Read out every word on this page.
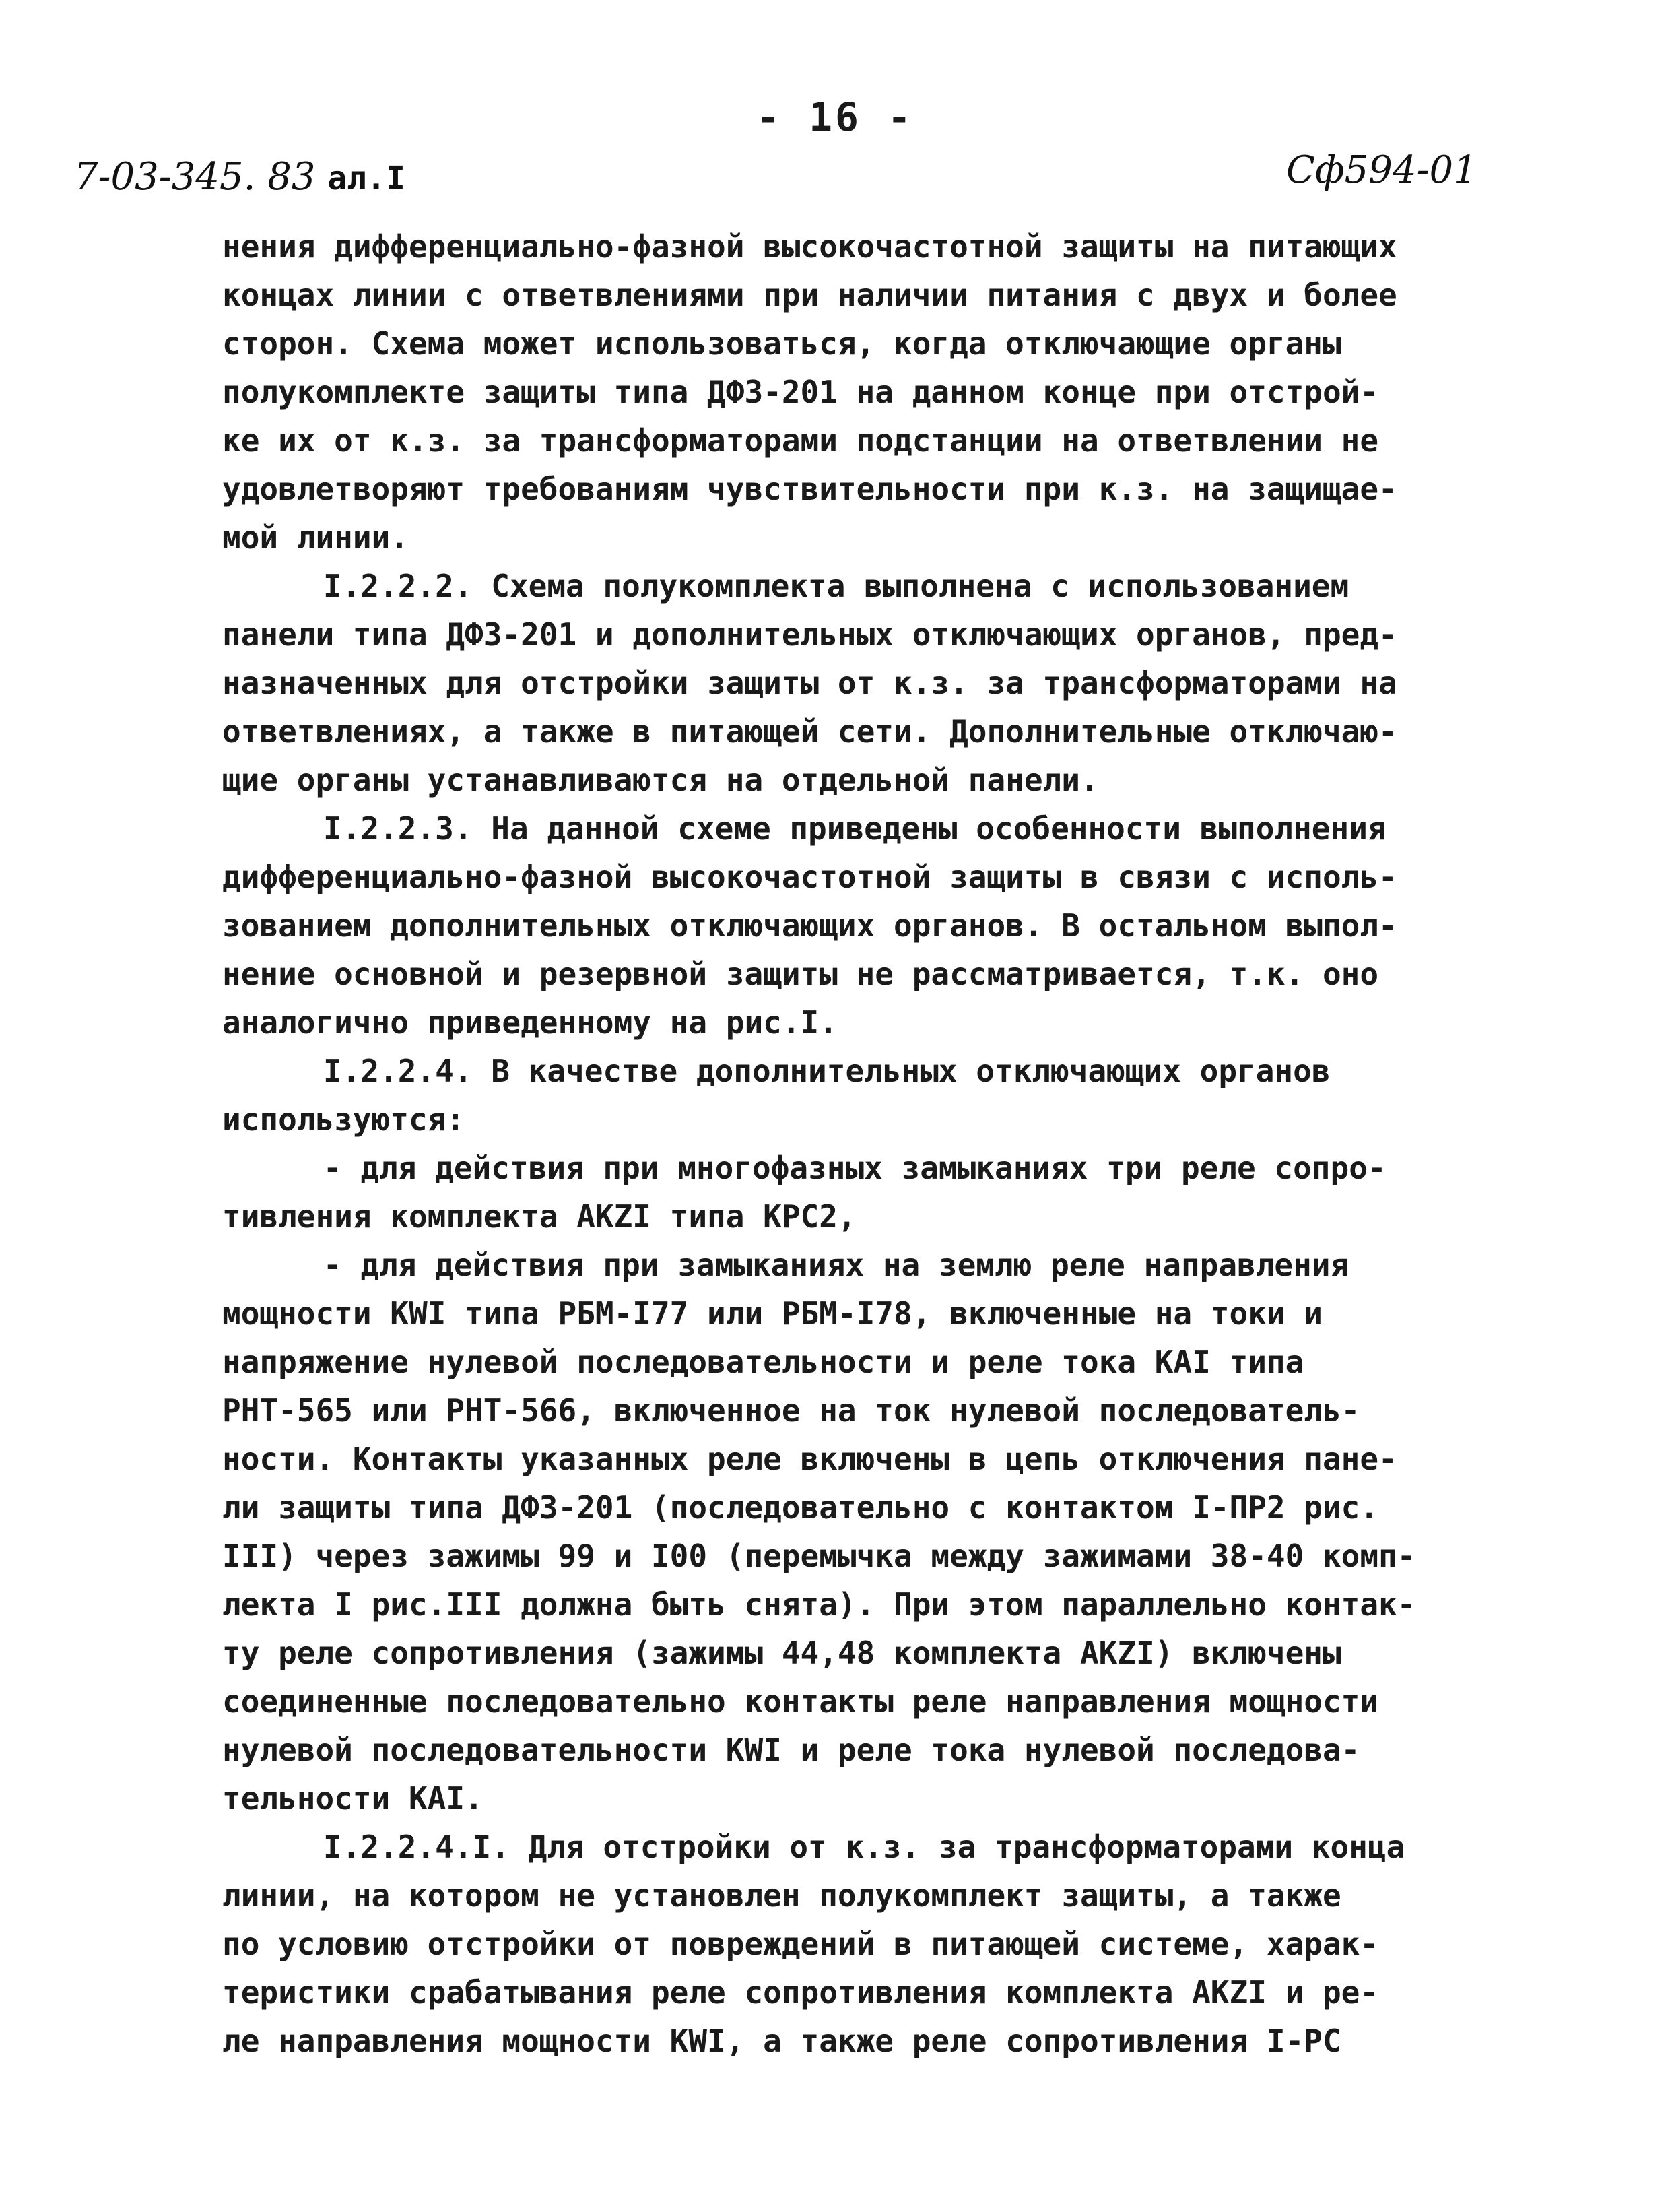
- 16 -
7-03-345. 83 ал.I	Сф594-01
нения дифференциально-фазной высокочастотной защиты на питающих
концах линии с ответвлениями при наличии питания с двух и более
сторон. Схема может использоваться, когда отключающие органы
полукомплекте защиты типа ДФЗ-201 на данном конце при отстрой-
ке их от к.з. за трансформаторами подстанции на ответвлении не
удовлетворяют требованиям чувствительности при к.з. на защищае-
мой линии.
I.2.2.2. Схема полукомплекта выполнена с использованием
панели типа ДФЗ-201 и дополнительных отключающих органов, пред-
назначенных для отстройки защиты от к.з. за трансформаторами на
ответвлениях, а также в питающей сети. Дополнительные отключаю-
щие органы устанавливаются на отдельной панели.
I.2.2.3. На данной схеме приведены особенности выполнения
дифференциально-фазной высокочастотной защиты в связи с исполь-
зованием дополнительных отключающих органов. В остальном выпол-
нение основной и резервной защиты не рассматривается, т.к. оно
аналогично приведенному на рис.I.
I.2.2.4. В качестве дополнительных отключающих органов
используются:
- для действия при многофазных замыканиях три реле сопро-
тивления комплекта AKZI типа КРС2,
- для действия при замыканиях на землю реле направления
мощности KWI типа РБМ-I77 или РБМ-I78, включенные на токи и
напряжение нулевой последовательности и реле тока KAI типа
РНТ-565 или РНТ-566, включенное на ток нулевой последователь-
ности. Контакты указанных реле включены в цепь отключения пане-
ли защиты типа ДФЗ-201 (последовательно с контактом I-ПР2 рис.
III) через зажимы 99 и I00 (перемычка между зажимами 38-40 комп-
лекта I рис.III должна быть снята). При этом параллельно контак-
ту реле сопротивления (зажимы 44,48 комплекта AKZI) включены
соединенные последовательно контакты реле направления мощности
нулевой последовательности KWI и реле тока нулевой последова-
тельности KAI.
I.2.2.4.I. Для отстройки от к.з. за трансформаторами конца
линии, на котором не установлен полукомплект защиты, а также
по условию отстройки от повреждений в питающей системе, харак-
теристики срабатывания реле сопротивления комплекта AKZI и ре-
ле направления мощности KWI, а также реле сопротивления I-РС
